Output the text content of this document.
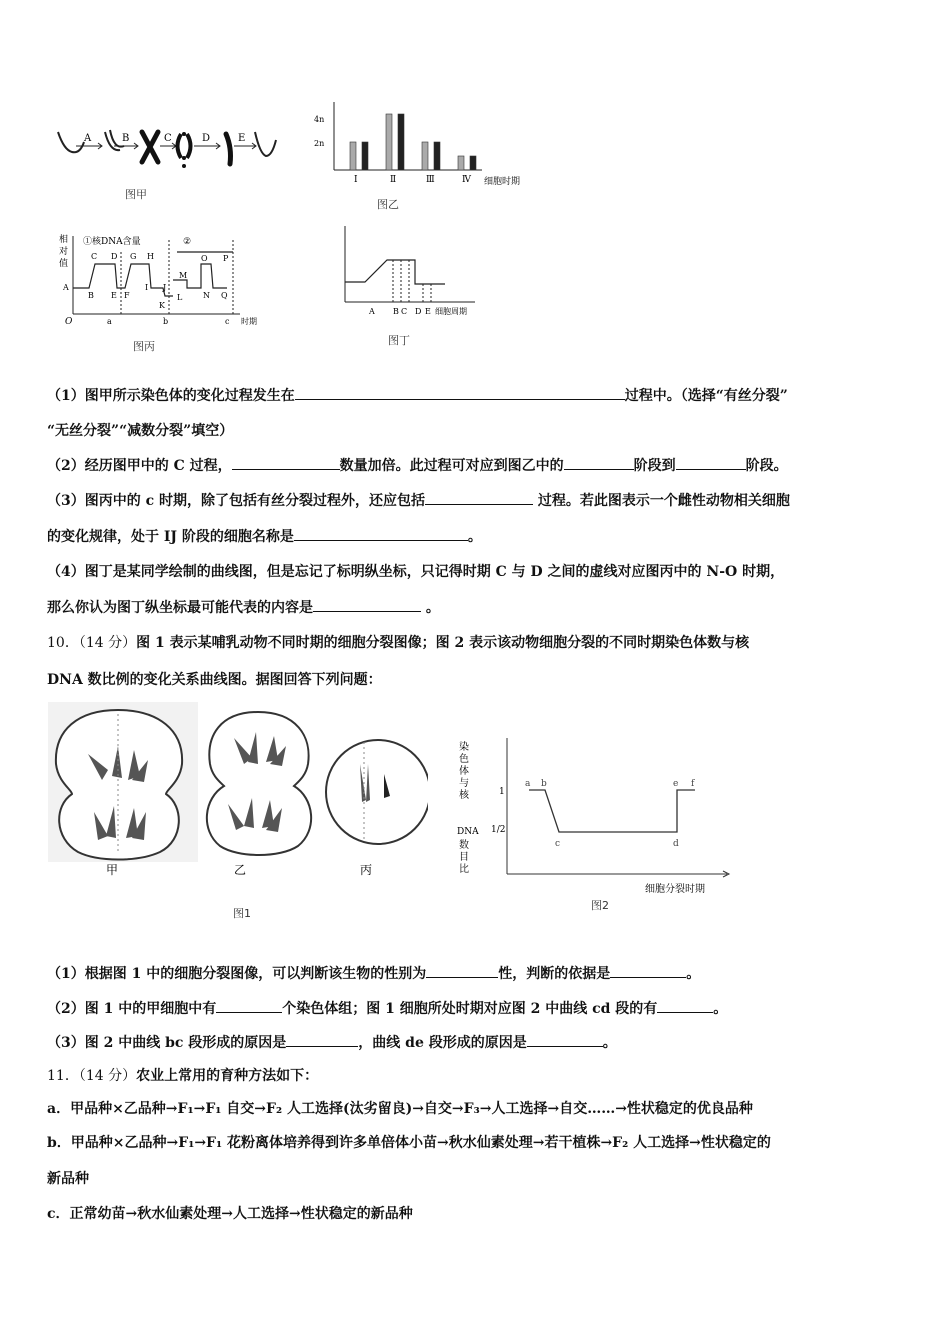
A	B	C	D	E
图甲
4n
2n
细胞时期
Ⅰ	Ⅱ	Ⅲ	Ⅳ
图乙
相
对
值
①核DNA含量	②
A
B
C D
E F
G H
I J
K
L
M
N
O P
Q
O	a	b	c 时期
图丙
A B C D E 细胞周期
图丁
（1）图甲所示染色体的变化过程发生在	过程中。（选择“有丝分裂”
“无丝分裂”“减数分裂”填空）
（2）经历图甲中的 C 过程，	数量加倍。此过程可对应到图乙中的	阶段到	阶段。
（3）图丙中的 c 时期，除了包括有丝分裂过程外，还应包括	过程。若此图表示一个雌性动物相关细胞
的变化规律，处于 IJ 阶段的细胞名称是	。
（4）图丁是某同学绘制的曲线图，但是忘记了标明纵坐标，只记得时期 C 与 D 之间的虚线对应图丙中的 N-O 时期，
那么你认为图丁纵坐标最可能代表的内容是	。
10．（14 分）图 1 表示某哺乳动物不同时期的细胞分裂图像；图 2 表示该动物细胞分裂的不同时期染色体数与核
DNA 数比例的变化关系曲线图。据图回答下列问题：
甲	乙	丙
图1
染
色
体
与
核
DNA
数
目
比
1
1/2
a b
c	d
e f
细胞分裂时期
图2
（1）根据图 1 中的细胞分裂图像，可以判断该生物的性别为	性，判断的依据是	。
（2）图 1 中的甲细胞中有	个染色体组；图 1 细胞所处时期对应图 2 中曲线 cd 段的有	。
（3）图 2 中曲线 bc 段形成的原因是	，曲线 de 段形成的原因是	。
11．（14 分）农业上常用的育种方法如下：
a．甲品种×乙品种→F₁→F₁ 自交→F₂ 人工选择(汰劣留良)→自交→F₃→人工选择→自交……→性状稳定的优良品种
b．甲品种×乙品种→F₁→F₁ 花粉离体培养得到许多单倍体小苗→秋水仙素处理→若干植株→F₂ 人工选择→性状稳定的
新品种
c．正常幼苗→秋水仙素处理→人工选择→性状稳定的新品种
